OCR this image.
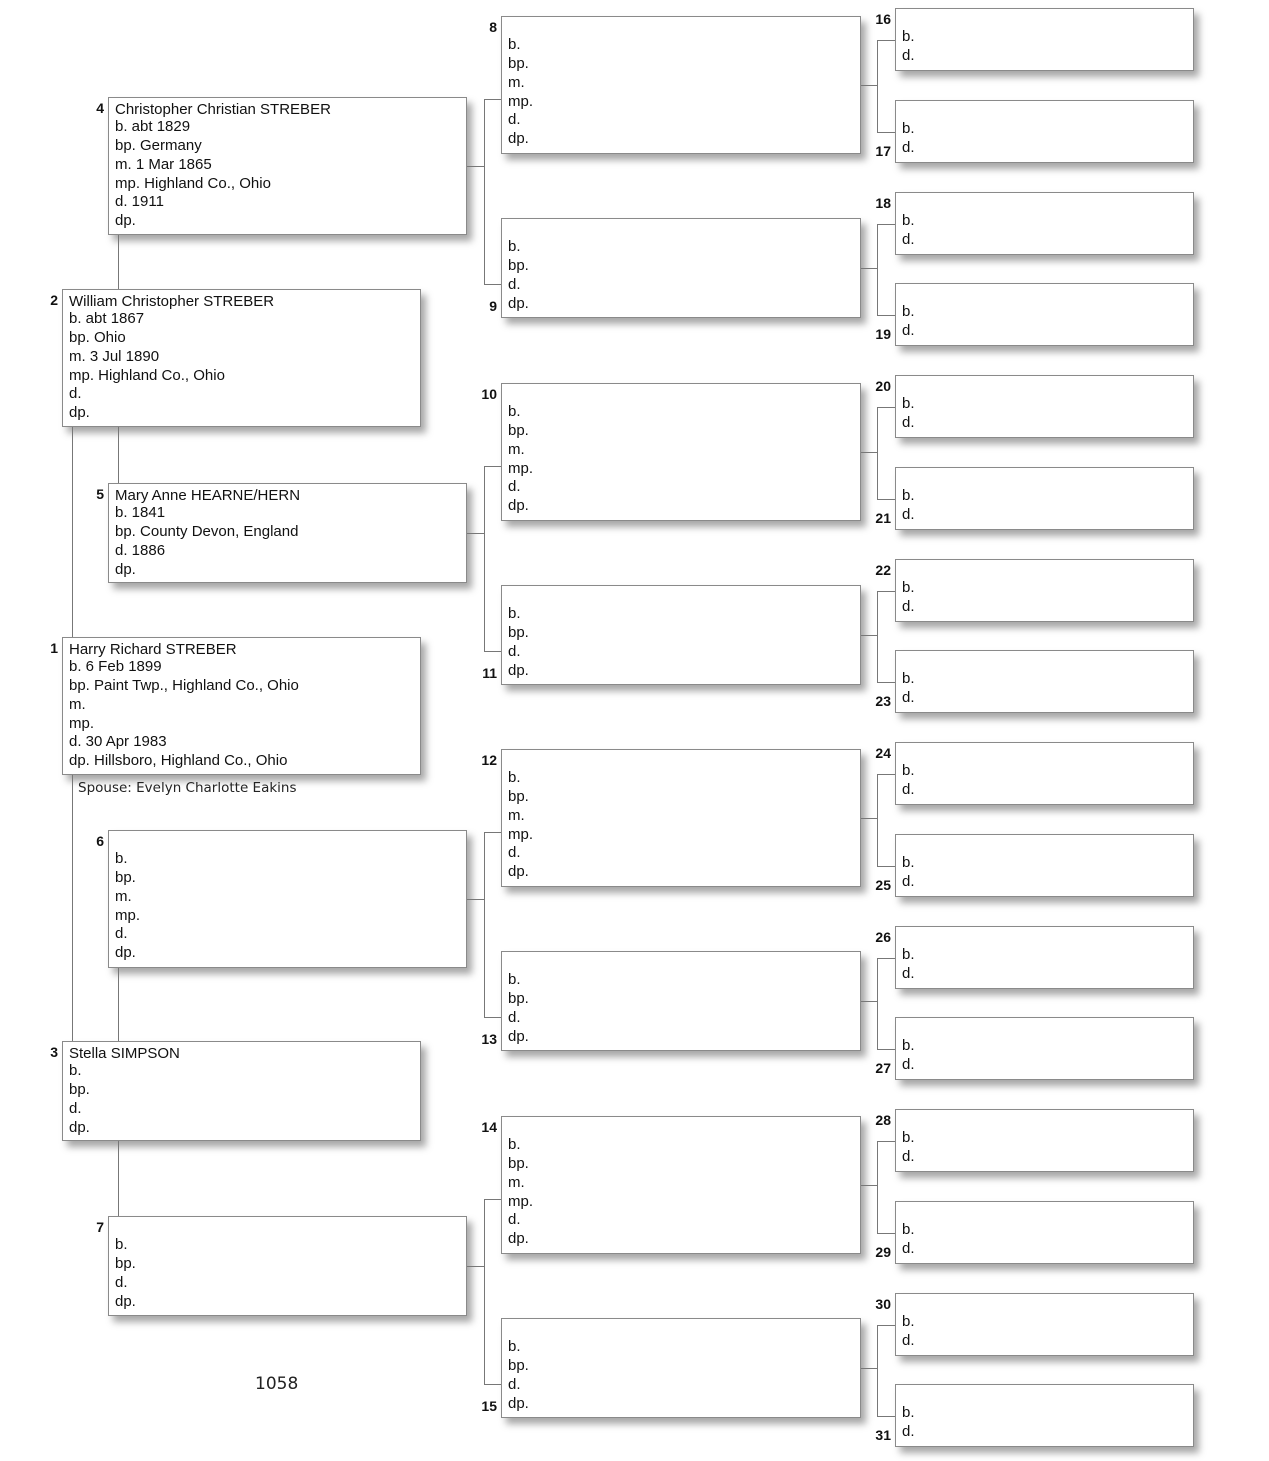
Christopher Christian STREBER
b. abt 1829
bp. Germany
m. 1 Mar 1865
mp. Highland Co., Ohio
d. 1911
dp.
4
William Christopher STREBER
b. abt 1867
bp. Ohio
m. 3 Jul 1890
mp. Highland Co., Ohio
d.
dp.
2
Mary Anne HEARNE/HERN
b. 1841
bp. County Devon, England
d. 1886
dp.
5
Harry Richard STREBER
b. 6 Feb 1899
bp. Paint Twp., Highland Co., Ohio
m.
mp.
d. 30 Apr 1983
dp. Hillsboro, Highland Co., Ohio
1
b.
bp.
m.
mp.
d.
dp.
6
Stella SIMPSON
b.
bp.
d.
dp.
3
b.
bp.
d.
dp.
7
b.
bp.
m.
mp.
d.
dp.
8
b.
bp.
d.
dp.
9
b.
bp.
m.
mp.
d.
dp.
10
b.
bp.
d.
dp.
11
b.
bp.
m.
mp.
d.
dp.
12
b.
bp.
d.
dp.
13
b.
bp.
m.
mp.
d.
dp.
14
b.
bp.
d.
dp.
15
b.
d.
16
b.
d.
17
b.
d.
18
b.
d.
19
b.
d.
20
b.
d.
21
b.
d.
22
b.
d.
23
b.
d.
24
b.
d.
25
b.
d.
26
b.
d.
27
b.
d.
28
b.
d.
29
b.
d.
30
b.
d.
31
Spouse: Evelyn Charlotte Eakins
1058
